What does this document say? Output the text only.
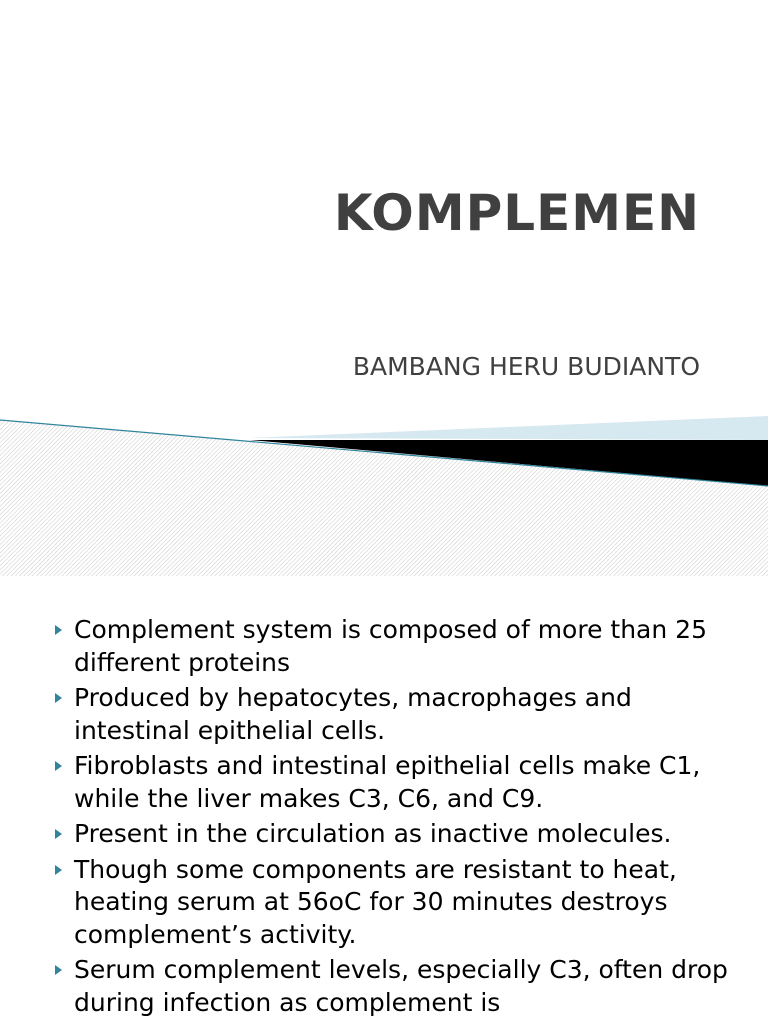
KOMPLEMEN

BAMBANG HERU BUDIANTO

Complement system is composed of more than 25 different proteins
Produced by hepatocytes, macrophages and intestinal epithelial cells.
Fibroblasts and intestinal epithelial cells make C1, while the liver makes C3, C6, and C9.
Present in the circulation as inactive molecules.
Though some components are resistant to heat, heating serum at 56oC for 30 minutes destroys complement’s activity.
Serum complement levels, especially C3, often drop during infection as complement is
